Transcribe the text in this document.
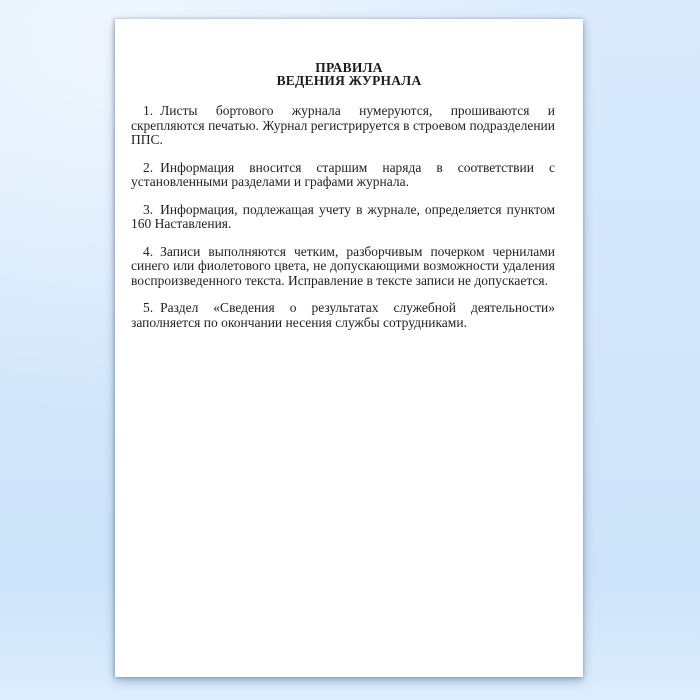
ПРАВИЛА
ВЕДЕНИЯ ЖУРНАЛА

1. Листы бортового журнала нумеруются, прошиваются и скрепляются печатью. Журнал регистрируется в строевом подразделении ППС.

2. Информация вносится старшим наряда в соответствии с установленными разделами и графами журнала.

3. Информация, подлежащая учету в журнале, определяется пунктом 160 Наставления.

4. Записи выполняются четким, разборчивым почерком чернилами синего или фиолетового цвета, не допускающими возможности удаления воспроизведенного текста. Исправление в тексте записи не допускается.

5. Раздел «Сведения о результатах служебной деятельности» заполняется по окончании несения службы сотрудниками.
